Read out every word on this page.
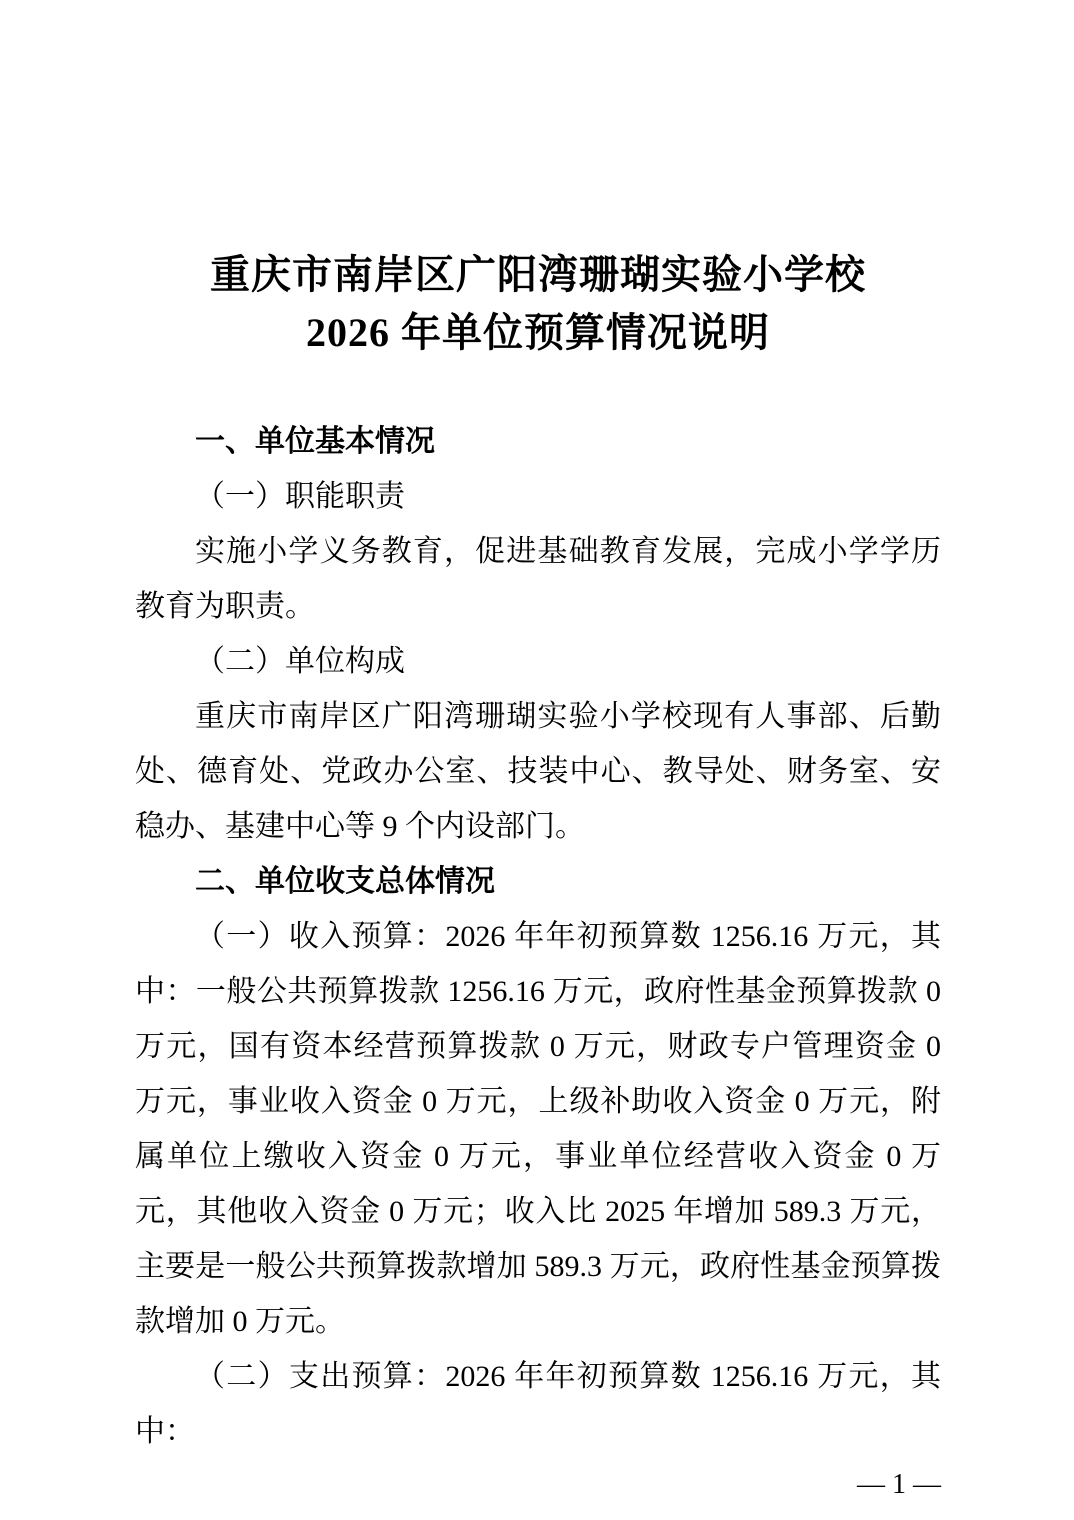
重庆市南岸区广阳湾珊瑚实验小学校
2026 年单位预算情况说明

一、单位基本情况

（一）职能职责

实施小学义务教育，促进基础教育发展，完成小学学历教育为职责。

（二）单位构成

重庆市南岸区广阳湾珊瑚实验小学校现有人事部、后勤处、德育处、党政办公室、技装中心、教导处、财务室、安稳办、基建中心等 9 个内设部门。

二、单位收支总体情况

（一）收入预算：2026 年年初预算数 1256.16 万元，其中：一般公共预算拨款 1256.16 万元，政府性基金预算拨款 0 万元，国有资本经营预算拨款 0 万元，财政专户管理资金 0 万元，事业收入资金 0 万元，上级补助收入资金 0 万元，附属单位上缴收入资金 0 万元，事业单位经营收入资金 0 万元，其他收入资金 0 万元；收入比 2025 年增加 589.3 万元，主要是一般公共预算拨款增加 589.3 万元，政府性基金预算拨款增加 0 万元。

（二）支出预算：2026 年年初预算数 1256.16 万元，其中：

— 1 —
